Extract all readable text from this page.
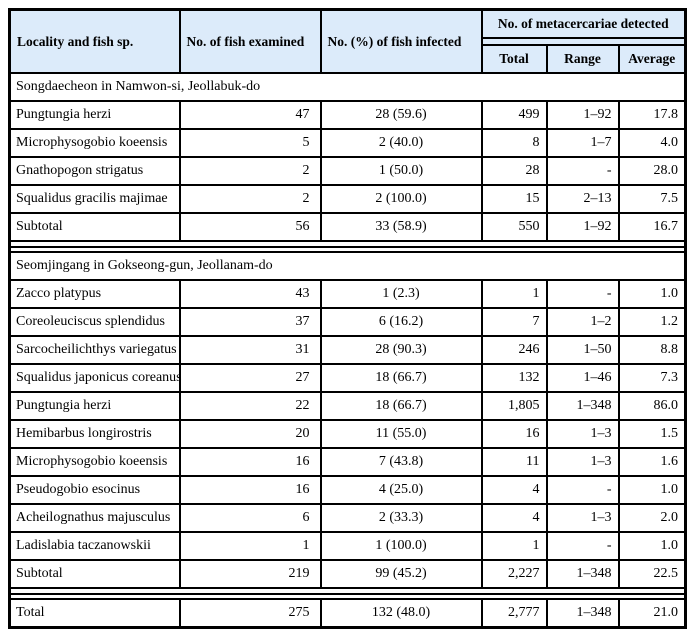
Locality and fish sp.	No. of fish examined	No. (%) of fish infected	No. of metacercariae detected		

			Total	Range	Average
Songdaecheon in Namwon-si, Jeollabuk-do					
Pungtungia herzi	47	28 (59.6)	499	1–92	17.8
Microphysogobio koeensis	5	2 (40.0)	8	1–7	4.0
Gnathopogon strigatus	2	1 (50.0)	28	-	28.0
Squalidus gracilis majimae	2	2 (100.0)	15	2–13	7.5
Subtotal	56	33 (58.9)	550	1–92	16.7

Seomjingang in Gokseong-gun, Jeollanam-do					
Zacco platypus	43	1 (2.3)	1	-	1.0
Coreoleuciscus splendidus	37	6 (16.2)	7	1–2	1.2
Sarcocheilichthys variegatus	31	28 (90.3)	246	1–50	8.8
Squalidus japonicus coreanus	27	18 (66.7)	132	1–46	7.3
Pungtungia herzi	22	18 (66.7)	1,805	1–348	86.0
Hemibarbus longirostris	20	11 (55.0)	16	1–3	1.5
Microphysogobio koeensis	16	7 (43.8)	11	1–3	1.6
Pseudogobio esocinus	16	4 (25.0)	4	-	1.0
Acheilognathus majusculus	6	2 (33.3)	4	1–3	2.0
Ladislabia taczanowskii	1	1 (100.0)	1	-	1.0
Subtotal	219	99 (45.2)	2,227	1–348	22.5

Total	275	132 (48.0)	2,777	1–348	21.0
